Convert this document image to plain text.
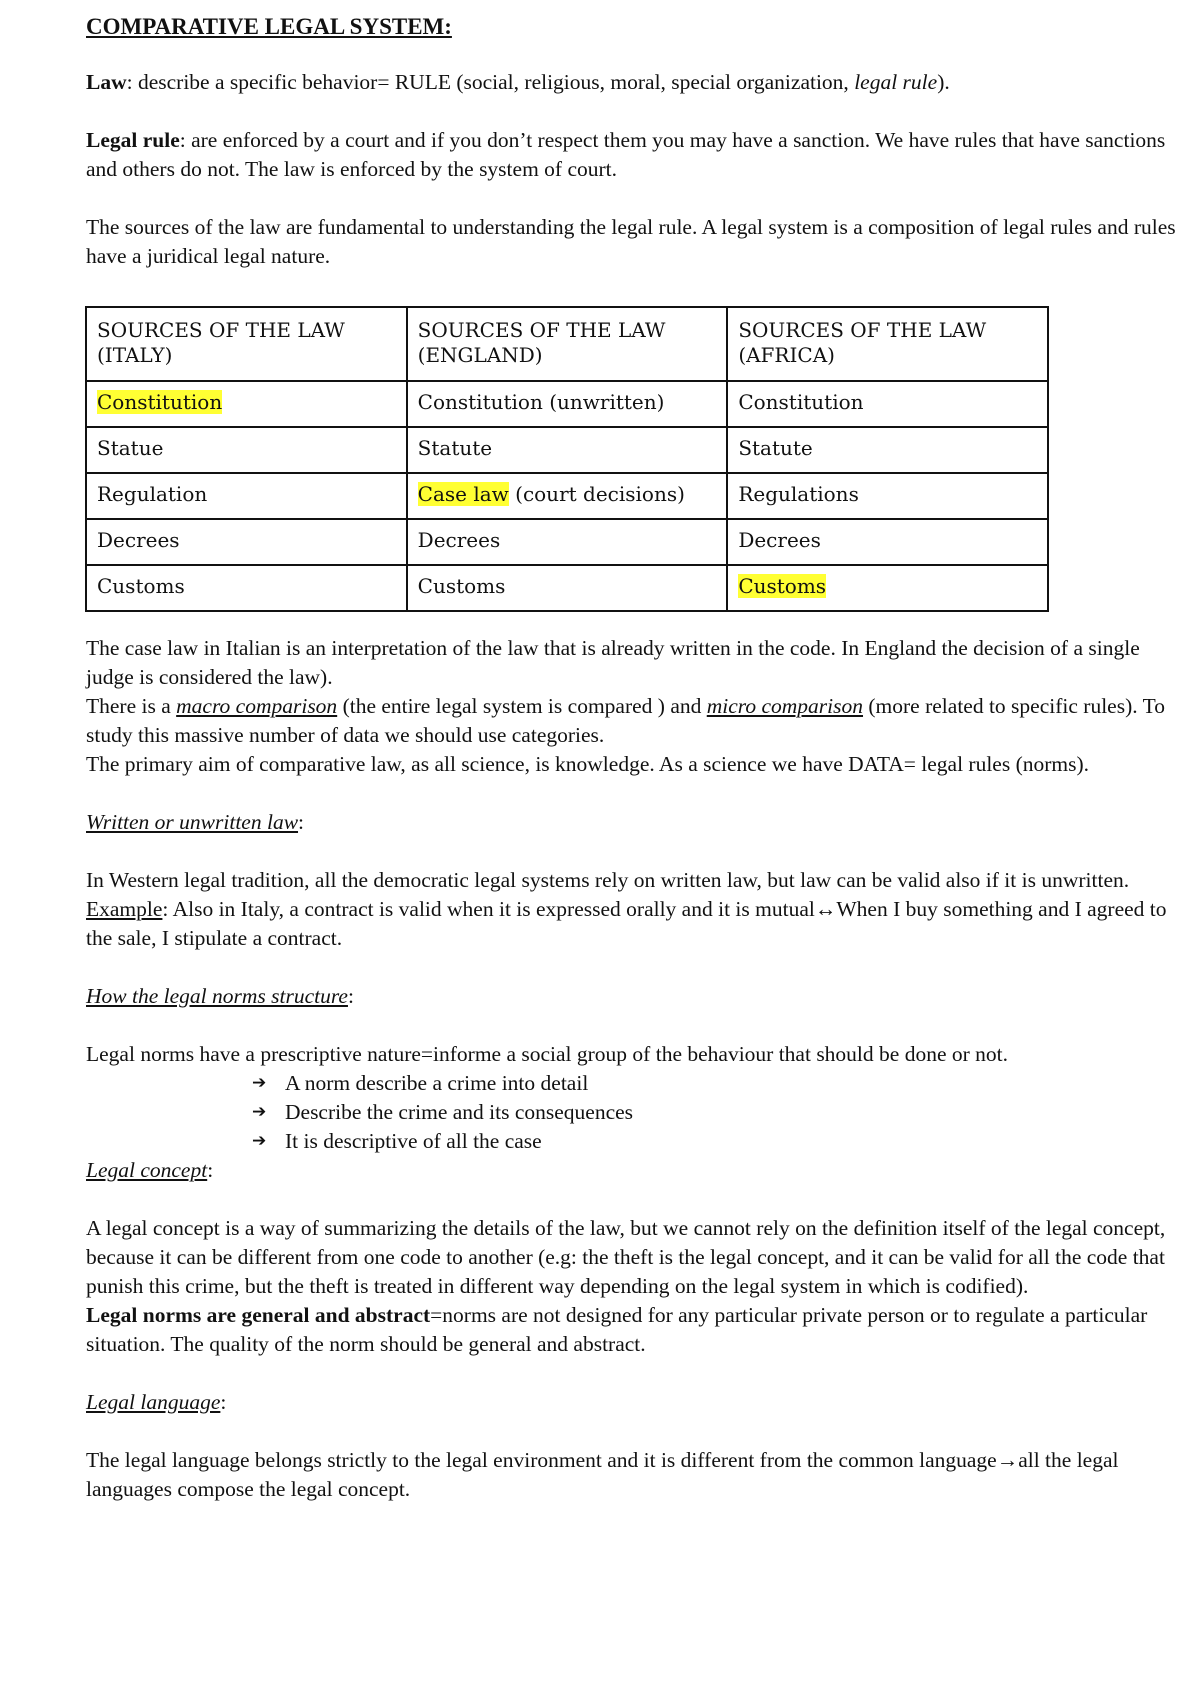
COMPARATIVE LEGAL SYSTEM:

Law: describe a specific behavior= RULE (social, religious, moral, special organization, legal rule).

Legal rule: are enforced by a court and if you don’t respect them you may have a sanction. We have rules that have sanctions and others do not. The law is enforced by the system of court.

The sources of the law are fundamental to understanding the legal rule. A legal system is a composition of legal rules and rules have a juridical legal nature.

SOURCES OF THE LAW (ITALY)	SOURCES OF THE LAW (ENGLAND)	SOURCES OF THE LAW (AFRICA)
Constitution	Constitution (unwritten)	Constitution
Statue	Statute	Statute
Regulation	Case law (court decisions)	Regulations
Decrees	Decrees	Decrees
Customs	Customs	Customs

The case law in Italian is an interpretation of the law that is already written in the code. In England the decision of a single judge is considered the law).

There is a macro comparison (the entire legal system is compared ) and micro comparison (more related to specific rules). To study this massive number of data we should use categories.

The primary aim of comparative law, as all science, is knowledge. As a science we have DATA= legal rules (norms).

Written or unwritten law:

In Western legal tradition, all the democratic legal systems rely on written law, but law can be valid also if it is unwritten. Example: Also in Italy, a contract is valid when it is expressed orally and it is mutual↔When I buy something and I agreed to the sale, I stipulate a contract.

How the legal norms structure:

Legal norms have a prescriptive nature=informe a social group of the behaviour that should be done or not.

➔ A norm describe a crime into detail
➔ Describe the crime and its consequences
➔ It is descriptive of all the case

Legal concept:

A legal concept is a way of summarizing the details of the law, but we cannot rely on the definition itself of the legal concept, because it can be different from one code to another (e.g: the theft is the legal concept, and it can be valid for all the code that punish this crime, but the theft is treated in different way depending on the legal system in which is codified).

Legal norms are general and abstract=norms are not designed for any particular private person or to regulate a particular situation. The quality of the norm should be general and abstract.

Legal language:

The legal language belongs strictly to the legal environment and it is different from the common language→all the legal languages compose the legal concept.
